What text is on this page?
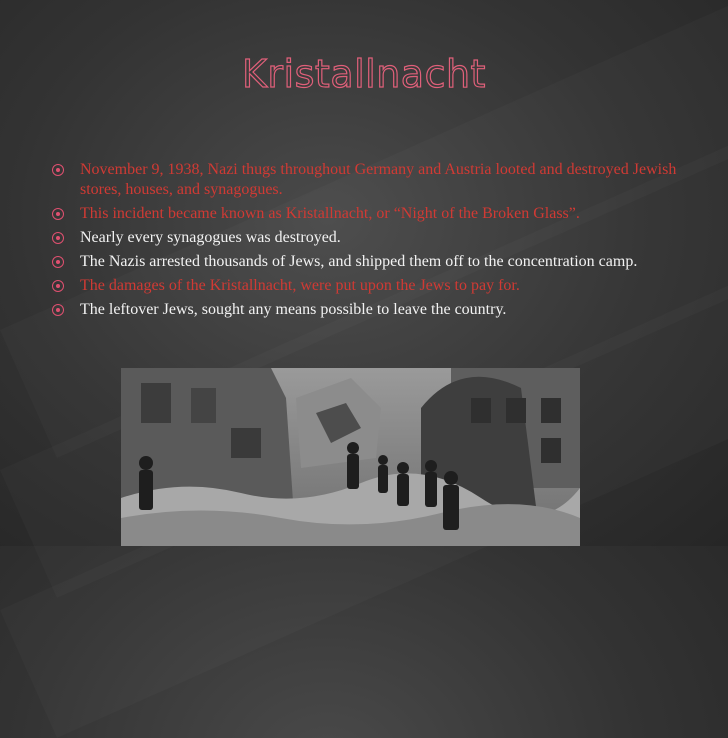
Kristallnacht
November 9, 1938, Nazi thugs throughout Germany and Austria looted and destroyed Jewish stores, houses, and synagogues.
This incident became known as Kristallnacht, or “Night of the Broken Glass”.
Nearly every synagogues was destroyed.
The Nazis arrested thousands of Jews, and shipped them off to the concentration camp.
The damages of the Kristallnacht, were put upon the Jews to pay for.
The leftover Jews, sought any means possible to leave the country.
